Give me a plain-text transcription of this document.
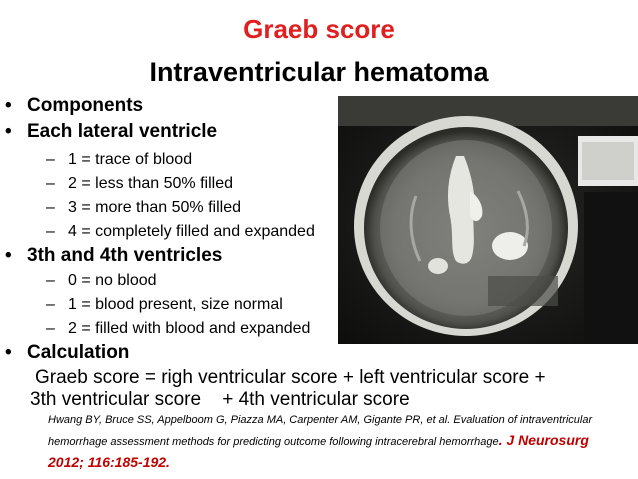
Graeb score
Intraventricular hematoma
• Components
• Each lateral ventricle
– 1 = trace of blood
– 2 = less than 50% filled
– 3 = more than 50% filled
– 4 = completely filled and expanded
• 3th and 4th ventricles
– 0 = no blood
– 1 = blood present, size normal
– 2 = filled with blood and expanded
• Calculation
Graeb score = righ ventricular score + left ventricular score +
3th ventricular score    + 4th ventricular score
Hwang BY, Bruce SS, Appelboom G, Piazza MA, Carpenter AM, Gigante PR, et al. Evaluation of intraventricular
hemorrhage assessment methods for predicting outcome following intracerebral hemorrhage. J Neurosurg
2012; 116:185-192.
